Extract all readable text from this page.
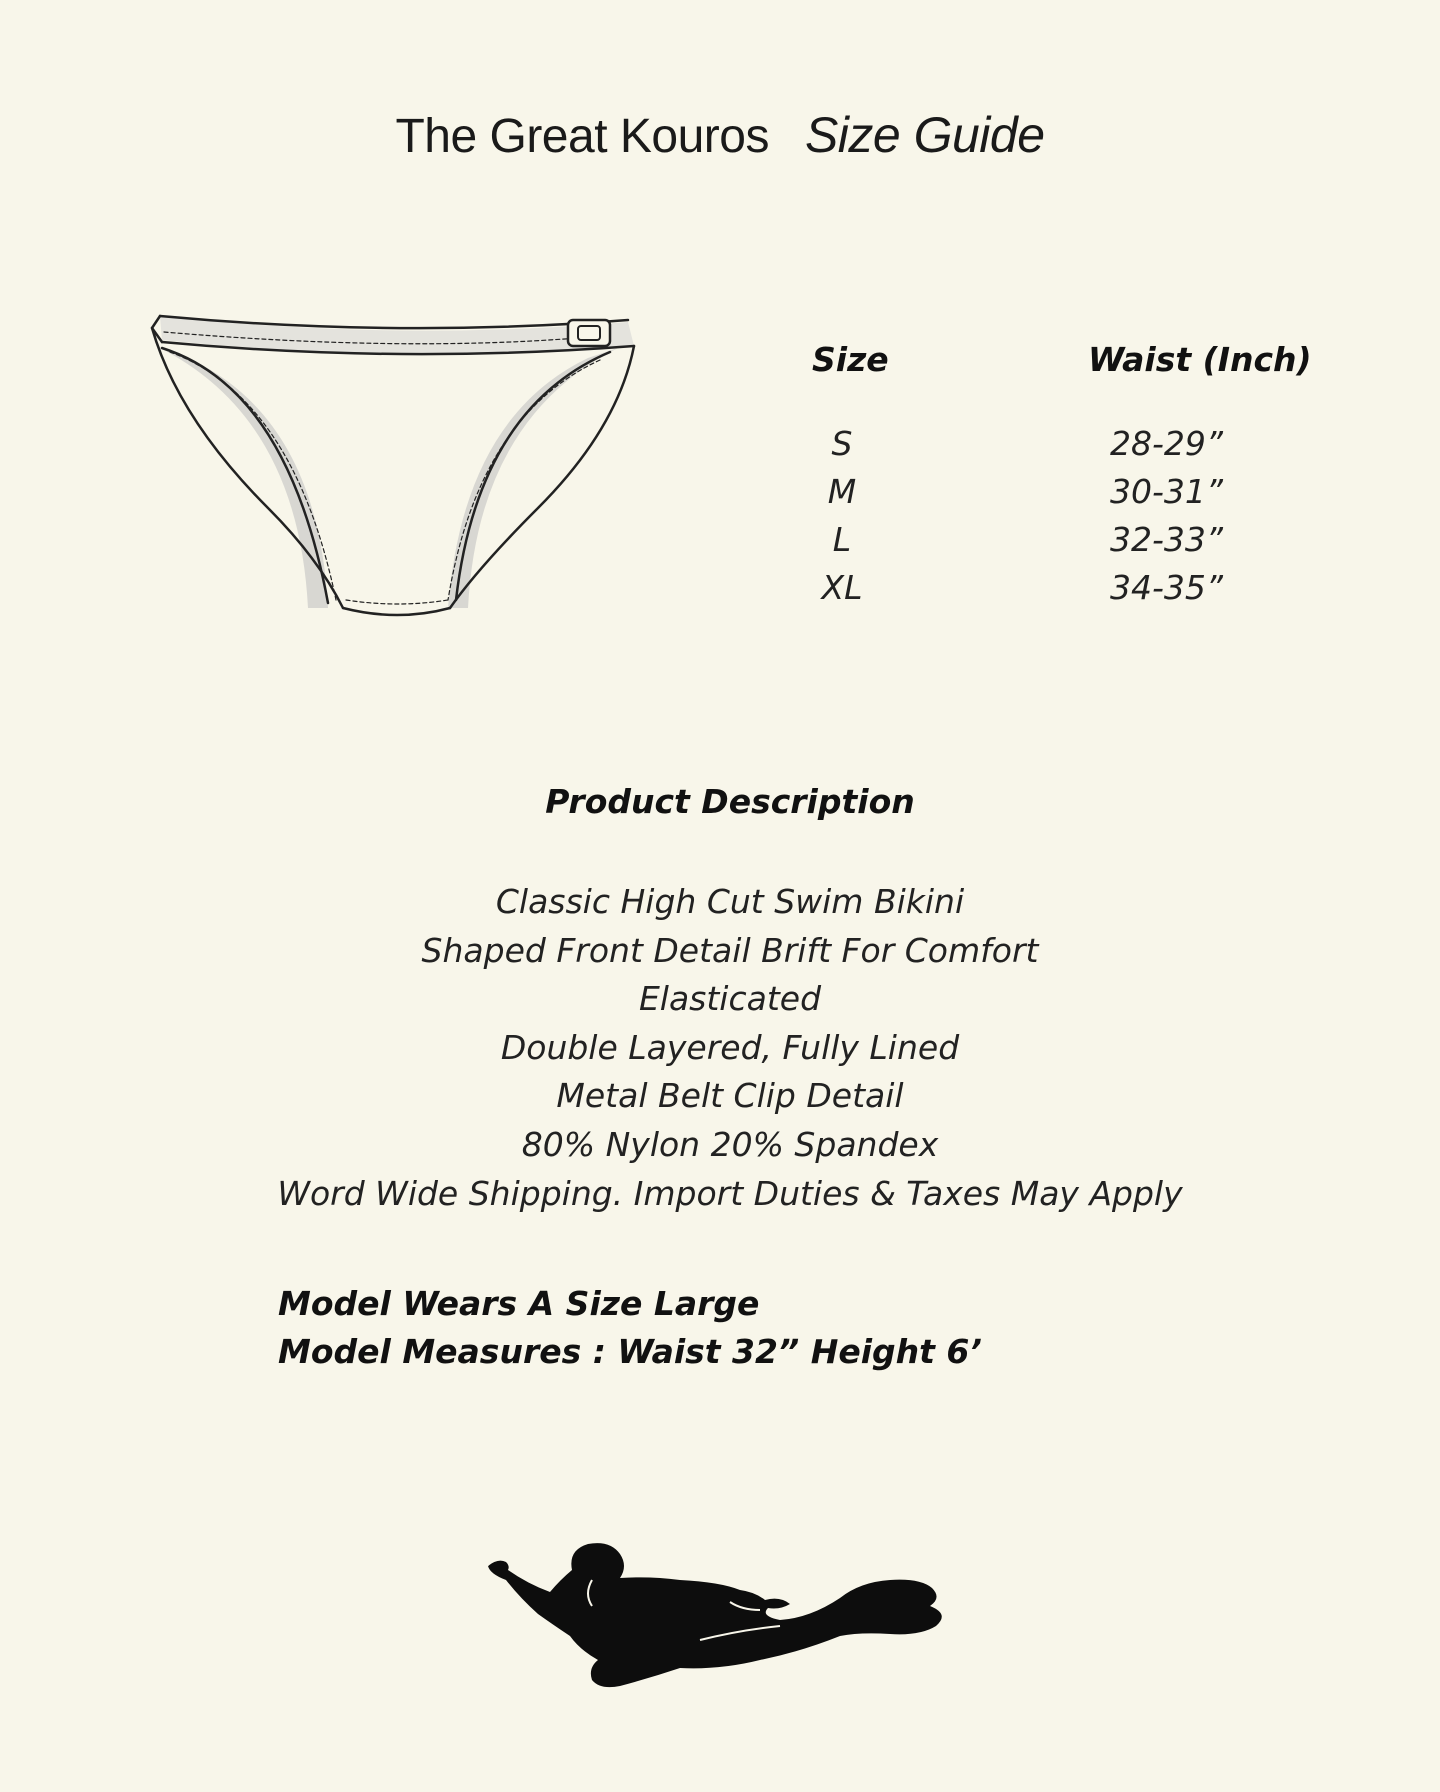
The Great Kouros Size Guide
Size	Waist (Inch)
S	28-29”
M	30-31”
L	32-33”
XL	34-35”
Product Description
Classic High Cut Swim Bikini
Shaped Front Detail Brift For Comfort
Elasticated
Double Layered, Fully Lined
Metal Belt Clip Detail
80% Nylon 20% Spandex
Word Wide Shipping. Import Duties & Taxes May Apply
Model Wears A Size Large
Model Measures : Waist 32” Height 6’
